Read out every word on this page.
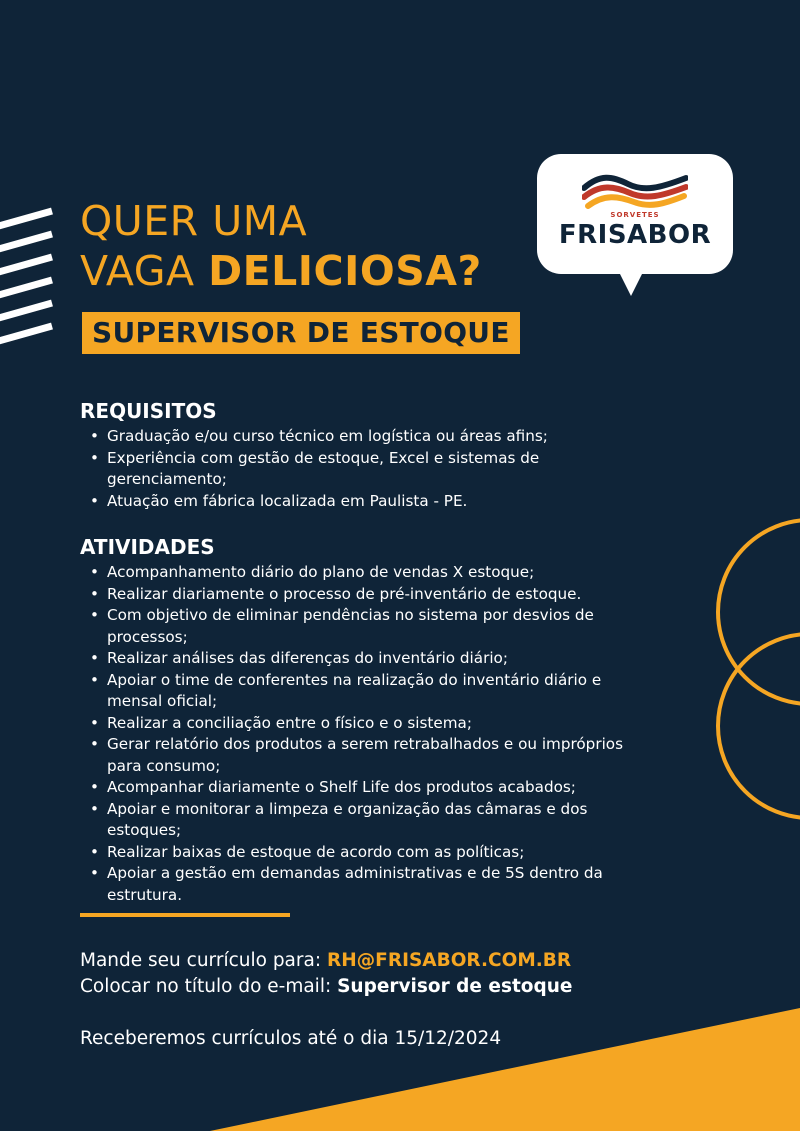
QUER UMA
VAGA DELICIOSA?
SUPERVISOR DE ESTOQUE
SORVETES
FRISABOR
REQUISITOS
• Graduação e/ou curso técnico em logística ou áreas afins;
• Experiência com gestão de estoque, Excel e sistemas de gerenciamento;
• Atuação em fábrica localizada em Paulista - PE.
ATIVIDADES
• Acompanhamento diário do plano de vendas X estoque;
• Realizar diariamente o processo de pré-inventário de estoque.
• Com objetivo de eliminar pendências no sistema por desvios de processos;
• Realizar análises das diferenças do inventário diário;
• Apoiar o time de conferentes na realização do inventário diário e mensal oficial;
• Realizar a conciliação entre o físico e o sistema;
• Gerar relatório dos produtos a serem retrabalhados e ou impróprios para consumo;
• Acompanhar diariamente o Shelf Life dos produtos acabados;
• Apoiar e monitorar a limpeza e organização das câmaras e dos estoques;
• Realizar baixas de estoque de acordo com as políticas;
• Apoiar a gestão em demandas administrativas e de 5S dentro da estrutura.
Mande seu currículo para: RH@FRISABOR.COM.BR
Colocar no título do e-mail: Supervisor de estoque
Receberemos currículos até o dia 15/12/2024
